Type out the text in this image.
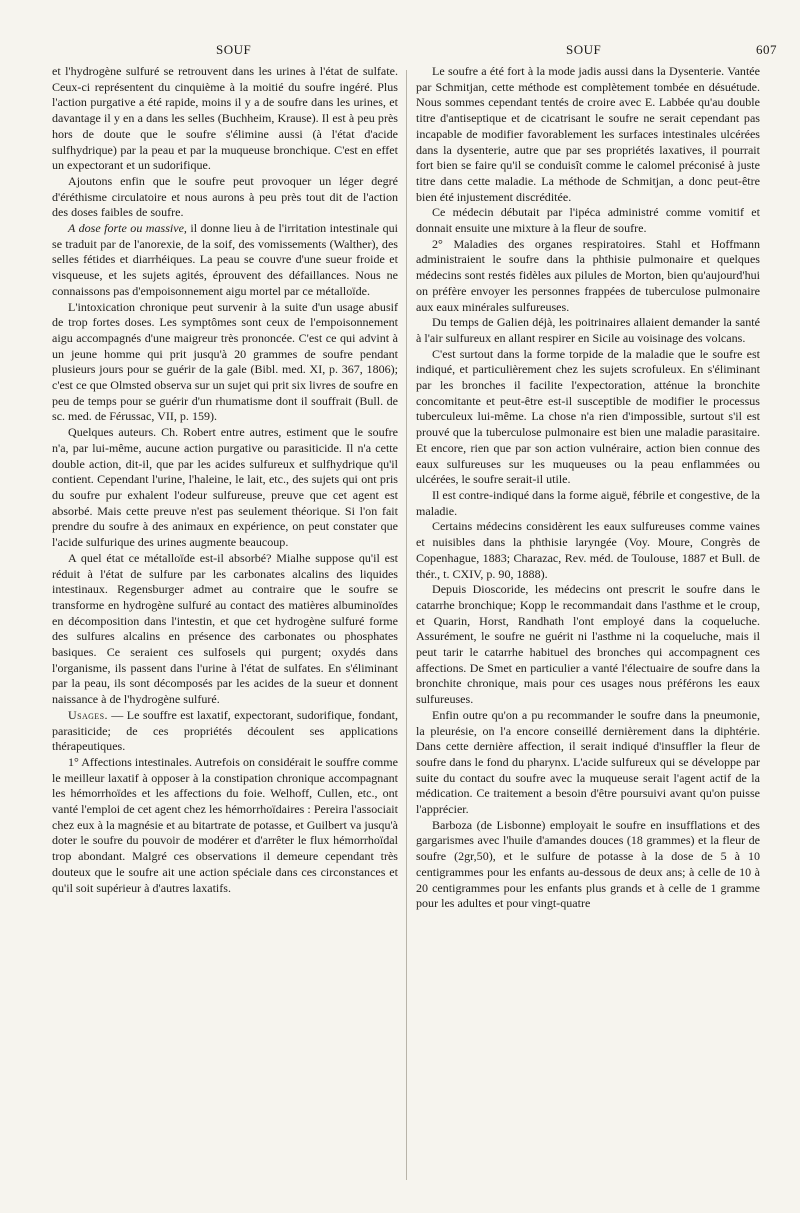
SOUF	SOUF	607

et l'hydrogène sulfuré se retrouvent dans les urines à l'état de sulfate. Ceux-ci représentent du cinquième à la moitié du soufre ingéré. Plus l'action purgative a été rapide, moins il y a de soufre dans les urines, et davantage il y en a dans les selles (Buchheim, Krause). Il est à peu près hors de doute que le soufre s'élimine aussi (à l'état d'acide sulfhydrique) par la peau et par la muqueuse bronchique. C'est en effet un expectorant et un sudorifique.

Ajoutons enfin que le soufre peut provoquer un léger degré d'éréthisme circulatoire et nous aurons à peu près tout dit de l'action des doses faibles de soufre.

A dose forte ou massive, il donne lieu à de l'irritation intestinale qui se traduit par de l'anorexie, de la soif, des vomissements (Walther), des selles fétides et diarrhéiques. La peau se couvre d'une sueur froide et visqueuse, et les sujets agités, éprouvent des défaillances. Nous ne connaissons pas d'empoisonnement aigu mortel par ce métalloïde.

L'intoxication chronique peut survenir à la suite d'un usage abusif de trop fortes doses. Les symptômes sont ceux de l'empoisonnement aigu accompagnés d'une maigreur très prononcée. C'est ce qui advint à un jeune homme qui prit jusqu'à 20 grammes de soufre pendant plusieurs jours pour se guérir de la gale (Bibl. med. XI, p. 367, 1806); c'est ce que Olmsted observa sur un sujet qui prit six livres de soufre en peu de temps pour se guérir d'un rhumatisme dont il souffrait (Bull. de sc. med. de Férussac, VII, p. 159).

Quelques auteurs. Ch. Robert entre autres, estiment que le soufre n'a, par lui-même, aucune action purgative ou parasiticide. Il n'a cette double action, dit-il, que par les acides sulfureux et sulfhydrique qu'il contient. Cependant l'urine, l'haleine, le lait, etc., des sujets qui ont pris du soufre pur exhalent l'odeur sulfureuse, preuve que cet agent est absorbé. Mais cette preuve n'est pas seulement théorique. Si l'on fait prendre du soufre à des animaux en expérience, on peut constater que l'acide sulfurique des urines augmente beaucoup.

A quel état ce métalloïde est-il absorbé? Mialhe suppose qu'il est réduit à l'état de sulfure par les carbonates alcalins des liquides intestinaux. Regensburger admet au contraire que le soufre se transforme en hydrogène sulfuré au contact des matières albuminoïdes en décomposition dans l'intestin, et que cet hydrogène sulfuré forme des sulfures alcalins en présence des carbonates ou phosphates basiques. Ce seraient ces sulfosels qui purgent; oxydés dans l'organisme, ils passent dans l'urine à l'état de sulfates. En s'éliminant par la peau, ils sont décomposés par les acides de la sueur et donnent naissance à de l'hydrogène sulfuré.

Usages. — Le souffre est laxatif, expectorant, sudorifique, fondant, parasiticide; de ces propriétés découlent ses applications thérapeutiques.

1° Affections intestinales. Autrefois on considérait le souffre comme le meilleur laxatif à opposer à la constipation chronique accompagnant les hémorrhoïdes et les affections du foie. Welhoff, Cullen, etc., ont vanté l'emploi de cet agent chez les hémorrhoïdaires : Pereira l'associait chez eux à la magnésie et au bitartrate de potasse, et Guilbert va jusqu'à doter le soufre du pouvoir de modérer et d'arrêter le flux hémorrhoïdal trop abondant. Malgré ces observations il demeure cependant très douteux que le soufre ait une action spéciale dans ces circonstances et qu'il soit supérieur à d'autres laxatifs.

Le soufre a été fort à la mode jadis aussi dans la Dysenterie. Vantée par Schmitjan, cette méthode est complètement tombée en désuétude. Nous sommes cependant tentés de croire avec E. Labbée qu'au double titre d'antiseptique et de cicatrisant le soufre ne serait cependant pas incapable de modifier favorablement les surfaces intestinales ulcérées dans la dysenterie, autre que par ses propriétés laxatives, il pourrait fort bien se faire qu'il se conduisît comme le calomel préconisé à juste titre dans cette maladie. La méthode de Schmitjan, a donc peut-être bien été injustement discréditée.

Ce médecin débutait par l'ipéca administré comme vomitif et donnait ensuite une mixture à la fleur de soufre.

2° Maladies des organes respiratoires. Stahl et Hoffmann administraient le soufre dans la phthisie pulmonaire et quelques médecins sont restés fidèles aux pilules de Morton, bien qu'aujourd'hui on préfère envoyer les personnes frappées de tuberculose pulmonaire aux eaux minérales sulfureuses.

Du temps de Galien déjà, les poitrinaires allaient demander la santé à l'air sulfureux en allant respirer en Sicile au voisinage des volcans.

C'est surtout dans la forme torpide de la maladie que le soufre est indiqué, et particulièrement chez les sujets scrofuleux. En s'éliminant par les bronches il facilite l'expectoration, atténue la bronchite concomitante et peut-être est-il susceptible de modifier le processus tuberculeux lui-même. La chose n'a rien d'impossible, surtout s'il est prouvé que la tuberculose pulmonaire est bien une maladie parasitaire. Et encore, rien que par son action vulnéraire, action bien connue des eaux sulfureuses sur les muqueuses ou la peau enflammées ou ulcérées, le soufre serait-il utile.

Il est contre-indiqué dans la forme aiguë, fébrile et congestive, de la maladie.

Certains médecins considèrent les eaux sulfureuses comme vaines et nuisibles dans la phthisie laryngée (Voy. Moure, Congrès de Copenhague, 1883; Charazac, Rev. méd. de Toulouse, 1887 et Bull. de thér., t. CXIV, p. 90, 1888).

Depuis Dioscoride, les médecins ont prescrit le soufre dans le catarrhe bronchique; Kopp le recommandait dans l'asthme et le croup, et Quarin, Horst, Randhath l'ont employé dans la coqueluche. Assurément, le soufre ne guérit ni l'asthme ni la coqueluche, mais il peut tarir le catarrhe habituel des bronches qui accompagnent ces affections. De Smet en particulier a vanté l'électuaire de soufre dans la bronchite chronique, mais pour ces usages nous préférons les eaux sulfureuses.

Enfin outre qu'on a pu recommander le soufre dans la pneumonie, la pleurésie, on l'a encore conseillé dernièrement dans la diphtérie. Dans cette dernière affection, il serait indiqué d'insuffler la fleur de soufre dans le fond du pharynx. L'acide sulfureux qui se développe par suite du contact du soufre avec la muqueuse serait l'agent actif de la médication. Ce traitement a besoin d'être poursuivi avant qu'on puisse l'apprécier.

Barboza (de Lisbonne) employait le soufre en insufflations et des gargarismes avec l'huile d'amandes douces (18 grammes) et la fleur de soufre (2gr,50), et le sulfure de potasse à la dose de 5 à 10 centigrammes pour les enfants au-dessous de deux ans; à celle de 10 à 20 centigrammes pour les enfants plus grands et à celle de 1 gramme pour les adultes et pour vingt-quatre
